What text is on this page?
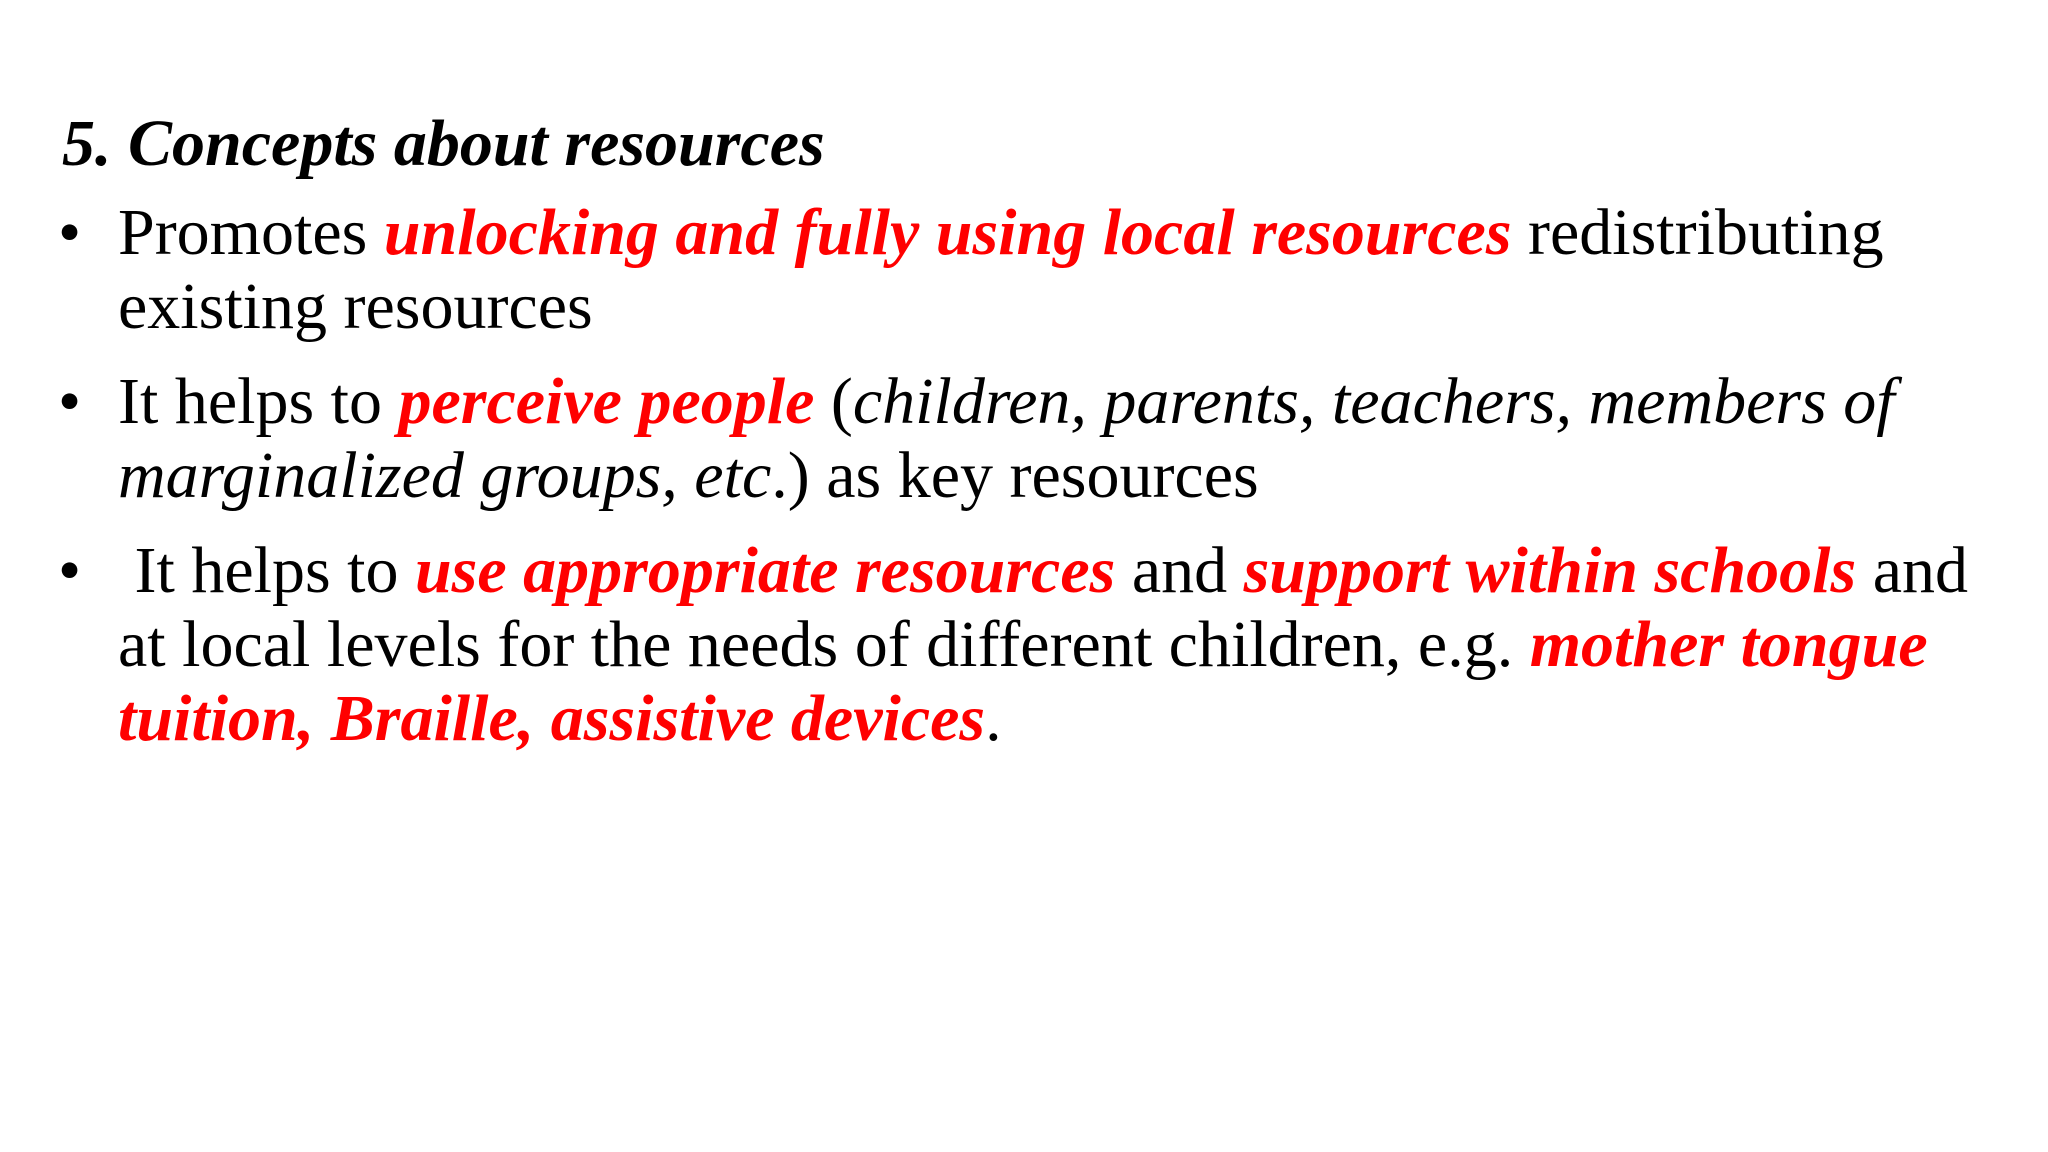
5. Concepts about resources
• Promotes unlocking and fully using local resources redistributing
existing resources
• It helps to perceive people (children, parents, teachers, members of
marginalized groups, etc.) as key resources
• It helps to use appropriate resources and support within schools and
at local levels for the needs of different children, e.g. mother tongue
tuition, Braille, assistive devices.
